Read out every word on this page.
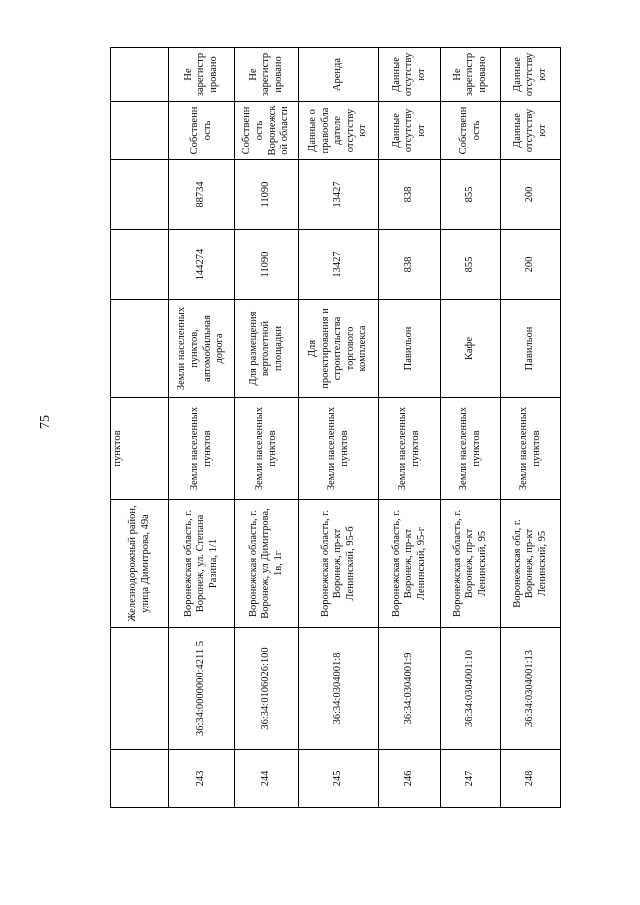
75
		Железнодорожный район, улица Димитрова, 49а	пунктов					
243	36:34:0000000:4211 5	Воронежская область, г. Воронеж, ул. Степана Разина, 1/1	Земли населенных пунктов	Земли населенных пунктов, автомобильная дорога	144274	88734	Собственность	Не зарегистрировано
244	36:34:0106026:100	Воронежская область, г. Воронеж, ул Димитрова, 1в, 1г	Земли населенных пунктов	Для размещения вертолетной площадки	11090	11090	Собственность Воронежской области	Не зарегистрировано
245	36:34:0304001:8	Воронежская область, г. Воронеж, пр-кт Ленинский, 95-б	Земли населенных пунктов	Для проектирования и строительства торгового комплекса	13427	13427	Данные о правообладателе отсутствуют	Аренда
246	36:34:0304001:9	Воронежская область, г. Воронеж, пр-кт Ленинский, 95-г	Земли населенных пунктов	Павильон	838	838	Данные отсутствуют	Данные отсутствуют
247	36:34:0304001:10	Воронежская область, г. Воронеж, пр-кт Ленинский, 95	Земли населенных пунктов	Кафе	855	855	Собственность	Не зарегистрировано
248	36:34:0304001:13	Воронежская обл, г. Воронеж, пр-кт Ленинский, 95	Земли населенных пунктов	Павильон	200	200	Данные отсутствуют	Данные отсутствуют
